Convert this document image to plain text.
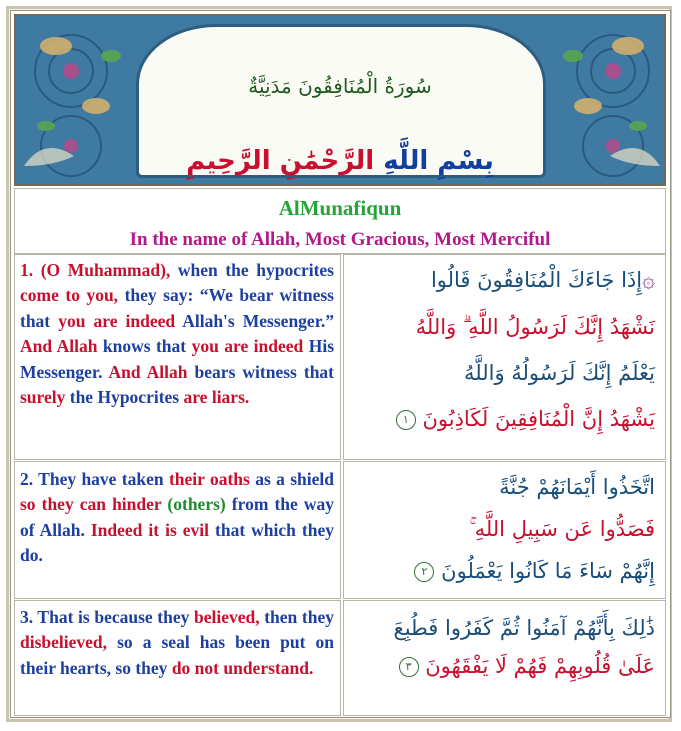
سُورَةُ الْمُنَافِقُونَ مَدَنِيَّةٌ
بِسْمِ اللَّهِ الرَّحْمَٰنِ الرَّحِيمِ
AlMunafiqun
In the name of Allah, Most Gracious, Most Merciful
1. (O Muhammad), when the hypocrites come to you, they say: “We bear witness that you are indeed Allah's Messenger.” And Allah knows that you are indeed His Messenger. And Allah bears witness that surely the Hypocrites are liars.
۞إِذَا جَاءَكَ الْمُنَافِقُونَ قَالُوا
نَشْهَدُ إِنَّكَ لَرَسُولُ اللَّهِ ۗ وَاللَّهُ
يَعْلَمُ إِنَّكَ لَرَسُولُهُ وَاللَّهُ
يَشْهَدُ إِنَّ الْمُنَافِقِينَ لَكَاذِبُونَ ١
2. They have taken their oaths as a shield so they can hinder (others) from the way of Allah. Indeed it is evil that which they do.
اتَّخَذُوا أَيْمَانَهُمْ جُنَّةً
فَصَدُّوا عَن سَبِيلِ اللَّهِ ۚ
إِنَّهُمْ سَاءَ مَا كَانُوا يَعْمَلُونَ ٢
3. That is because they believed, then they disbelieved, so a seal has been put on their hearts, so they do not understand.
ذَٰلِكَ بِأَنَّهُمْ آمَنُوا ثُمَّ كَفَرُوا فَطُبِعَ
عَلَىٰ قُلُوبِهِمْ فَهُمْ لَا يَفْقَهُونَ ٣
